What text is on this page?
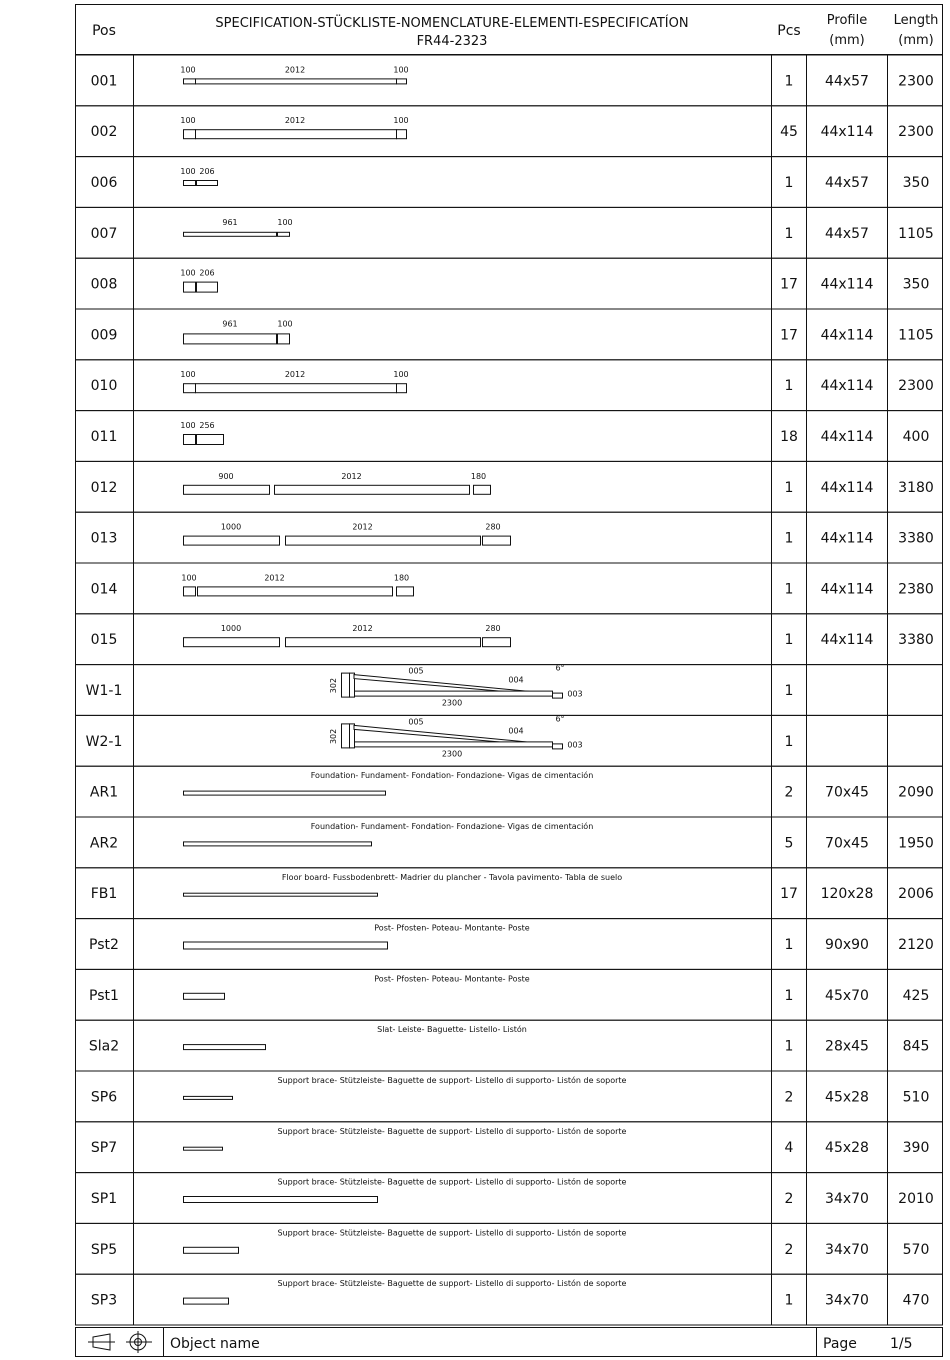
Pos	SPECIFICATION-STÜCKLISTE-NOMENCLATURE-ELEMENTI-ESPECIFICATÍON
FR44-2323
Pcs
Profile
(mm)
Length
(mm)
001	1 44x57 2300
100	2012	100
002	45 44x114 2300
100	2012	100
006	1 44x57 350
100 206
007	1 44x57 1105
961	100
008	17 44x114 350
100 206
009	17 44x114 1105
961	100
010	1 44x114 2300
100	2012	100
011	18 44x114 400
100 256
012	1 44x114 3180
900	2012	180
013	1 44x114 3380
1000	2012	280
014	1 44x114 2380
100	2012	180
015	1 44x114 3380
1000	2012	280
W1-1	1
302
005
004
6°
003
2300
W2-1	1
302
005
004
6°
003
2300
AR1	2 70x45 2090
Foundation- Fundament- Fondation- Fondazione- Vigas de cimentación
AR2	5 70x45 1950
Foundation- Fundament- Fondation- Fondazione- Vigas de cimentación
FB1	17 120x28 2006
Floor board- Fussbodenbrett- Madrier du plancher - Tavola pavimento- Tabla de suelo
Pst2	1 90x90 2120
Post- Pfosten- Poteau- Montante- Poste
Pst1	1 45x70 425
Post- Pfosten- Poteau- Montante- Poste
Sla2	1 28x45 845
Slat- Leiste- Baguette- Listello- Listón
SP6	2 45x28 510
Support brace- Stützleiste- Baguette de support- Listello di supporto- Listón de soporte
SP7	4 45x28 390
Support brace- Stützleiste- Baguette de support- Listello di supporto- Listón de soporte
SP1	2 34x70 2010
Support brace- Stützleiste- Baguette de support- Listello di supporto- Listón de soporte
SP5	2 34x70 570
Support brace- Stützleiste- Baguette de support- Listello di supporto- Listón de soporte
SP3	1 34x70 470
Support brace- Stützleiste- Baguette de support- Listello di supporto- Listón de soporte
Object name	Page 1/5
